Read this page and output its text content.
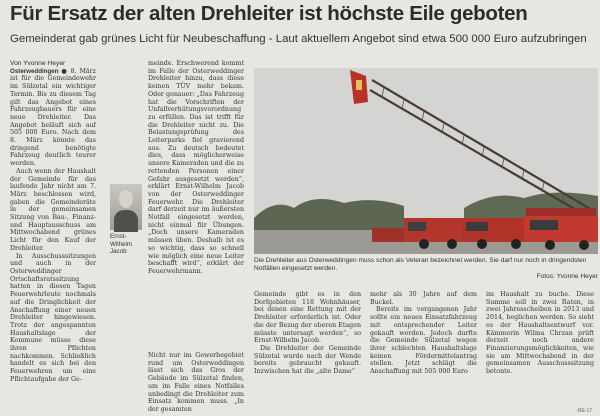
Für Ersatz der alten Drehleiter ist höchste Eile geboten
Gemeinderat gab grünes Licht für Neubeschaffung - Laut aktuellem Angebot sind etwa 500 000 Euro aufzubringen

Von Yvonne Heyer

Osterweddingen ● 8. März ist für die Gemeindewehr im Sülzetal ein wichtiger Termin. Bis zu diesem Tag gilt das Angebot eines Fahrzeugbauers für eine neue Drehleiter. Das Angebot beläuft sich auf 505 000 Euro. Nach dem 8. März könnte das dringend benötigte Fahrzeug deutlich teurer werden.

Auch wenn der Haushalt der Gemeinde für das laufende Jahr nicht am 7. März beschlossen wird, gaben die Gemeinderäte in der gemeinsamen Sitzung von Bau-, Finanz- und Hauptausschuss am Mittwochabend grünes Licht für den Kauf der Drehleiter.

In Ausschusssitzungen und auch in der Osterweddinger Ortschaftsratssitzung hatten in diesen Tagen Feuerwehrleute nochmals auf die Dringlichkeit der Anschaffung einer neuen Drehleiter hingewiesen. Trotz der angespannten Haushaltslage der Kommune müsse diese ihren Pflichten nachkommen. Schließlich handelt es sich bei den Feuerwehren um eine Pflichtaufgabe der Ge-

meinde. Erschwerend kommt im Falle der Osterweddinger Drehleiter hinzu, dass diese keinen TÜV mehr bekam. Oder genauer: „Das Fahrzeug hat die Vorschriften der Unfallverhütungsverordnung zu erfüllen. Das ist trifft für die Drehleiter nicht zu. Die Belastungsprüfung des Leiterparks fiel gravierend aus. Zu deutsch bedeutet dies, dass möglicherweise unsere Kameraden und die zu rettenden Personen einer Gefahr ausgesetzt werden“, erklärt Ernst-Wilhelm Jacob von der Osterweddinger Feuerwehr. Die Drehleiter darf derzeit nur im äußersten Notfall eingesetzt werden, nicht einmal für Übungen. „Doch unsere Kameraden müssen üben. Deshalb ist es so wichtig, dass so schnell wie möglich eine neue Leiter beschafft wird“, erklärt der Feuerwehrmann.

Ernst-Wilhelm Jacob

Nicht nur im Gewerbegebiet rund um Osterweddingen lässt sich das Gros der Gebäude im Sülzetal finden, um im Falle eines Notfalles unbedingt die Drehleiter zum Einsatz kommen muss. „In der gesamten

Die Drehleiter aus Osterweddingen muss schon als Veteran bezeichnet werden. Sie darf nur noch in dringendsten Notfällen eingesetzt werden.
Fotos: Yvonne Heyer

Gemeinde gibt es in den Dorfgebieten 118 Wohnhäuser, bei denen eine Rettung mit der Drehleiter erforderlich ist. Oder die der Bezug der oberen Etagen müsste untersagt werden“, so Ernst-Wilhelm Jacob.

Die Drehleiter der Gemeinde Sülzetal wurde nach der Wende bereits gebraucht gekauft. Inzwischen hat die „alte Dame“

mehr als 30 Jahre auf dem Buckel.

Bereits im vergangenen Jahr sollte ein neues Einsatzfahrzeug mit entsprechender Leiter gekauft werden. Jedoch durfte die Gemeinde Sülzetal wegen ihrer schlechten Haushaltslage keinen Fördermittelantrag stellen. Jetzt schlägt die Anschaffung mit 505 000 Euro

im Haushalt zu buche. Diese Summe soll in zwei Raten, in zwei Jahresscheiben in 2013 und 2014, beglichen werden. So sieht es der Haushaltsentwurf vor. Kämmerin Wilma Chrzan prüft derzeit noch andere Finanzierungsmöglichkeiten, wie sie am Mittwochabend in der gemeinsamen Ausschusssitzung betonte.

-BE-17
